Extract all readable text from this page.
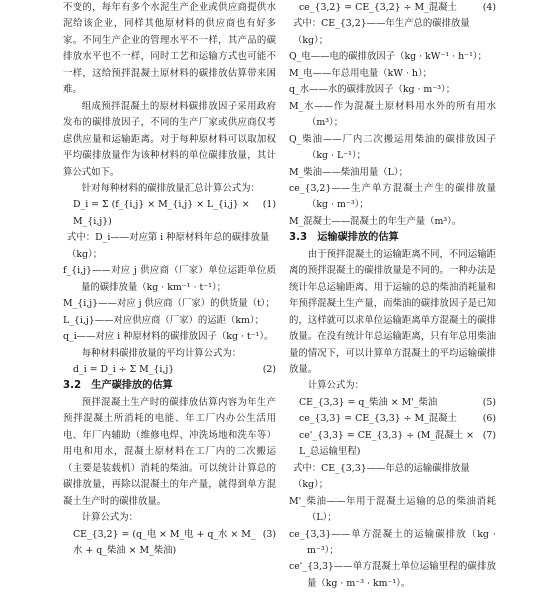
不变的，每年有多个水泥生产企业或供应商提供水泥给该企业，同样其他原材料的供应商也有好多家。不同生产企业的管理水平不一样，其产品的碳排放水平也不一样，同时工艺和运输方式也可能不一样，这给预拌混凝土原材料的碳排放估算带来困难。

组成预拌混凝土的原材料碳排放因子采用政府发布的碳排放因子，不同的生产厂家或供应商仅考虑供应量和运输距离。对于每种原材料可以取加权平均碳排放量作为该种材料的单位碳排放量，其计算公式如下。

针对每种材料的碳排放量汇总计算公式为：

D_i = Σ (f_{i,j} × M_{i,j} × L_{i,j} × M_{i,j})
(1)

式中：D_i——对应第 i 种原材料年总的碳排放量（kg）；

f_{i,j}——对应 j 供应商（厂家）单位运距单位质量的碳排放量（kg · km⁻¹ · t⁻¹）；

M_{i,j}——对应 j 供应商（厂家）的供货量（t）；

L_{i,j}——对应供应商（厂家）的运距（km）；

q_i——对应 i 种原材料的碳排放因子（kg · t⁻¹）。

每种材料碳排放量的平均计算公式为：

d_i = D_i ÷ Σ M_{i,j}	(2)

3.2　生产碳排放的估算

预拌混凝土生产时的碳排放估算内容为年生产预拌混凝土所消耗的电能、年工厂内办公生活用电、年厂内辅助（维修电焊、冲洗场地和洗车等）用电和用水，混凝土原材料在工厂内的二次搬运（主要是装载机）消耗的柴油。可以统计计算总的碳排放量，再除以混凝土的年产量，就得到单方混凝土生产时的碳排放量。

计算公式为：

CE_{3,2} = (q_电 × M_电 + q_水 × M_水 + q_柴油 × M_柴油)
(3)
ce_{3,2} = CE_{3,2} ÷ M_混凝土	(4)

式中：CE_{3,2}——年生产总的碳排放量（kg）；

Q_电——电的碳排放因子（kg · kW⁻¹ · h⁻¹）；

M_电——年总用电量（kW · h）；

q_水——水的碳排放因子（kg · m⁻³）；

M_水——作为混凝土原材料用水外的所有用水（m³）；

Q_柴油——厂内二次搬运用柴油的碳排放因子（kg · L⁻¹）；

M_柴油——柴油用量（L）；

ce_{3,2}——生产单方混凝土产生的碳排放量（kg · m⁻³）；

M_混凝土——混凝土的年生产量（m³）。

3.3　运输碳排放的估算

由于预拌混凝土的运输距离不同，不同运输距离的预拌混凝土的碳排放量是不同的。一种办法是统计年总运输距离、用于运输的总的柴油消耗量和年预拌混凝土生产量，而柴油的碳排放因子是已知的，这样就可以求单位运输距离单方混凝土的碳排放量。在没有统计年总运输距离，只有年总用柴油量的情况下，可以计算单方混凝土的平均运输碳排放量。

计算公式为：

CE_{3,3} = q_柴油 × M'_柴油	(5)
ce_{3,3} = CE_{3,3} ÷ M_混凝土	(6)
ce'_{3,3} = CE_{3,3} ÷ (M_混凝土 × L_总运输里程)
(7)

式中：CE_{3,3}——年总的运输碳排放量（kg）；

M'_柴油——年用于混凝土运输的总的柴油消耗（L）；

ce_{3,3}——单方混凝土的运输碳排放（kg · m⁻³）；

ce'_{3,3}——单方混凝土单位运输里程的碳排放量（kg · m⁻³ · km⁻¹）。
